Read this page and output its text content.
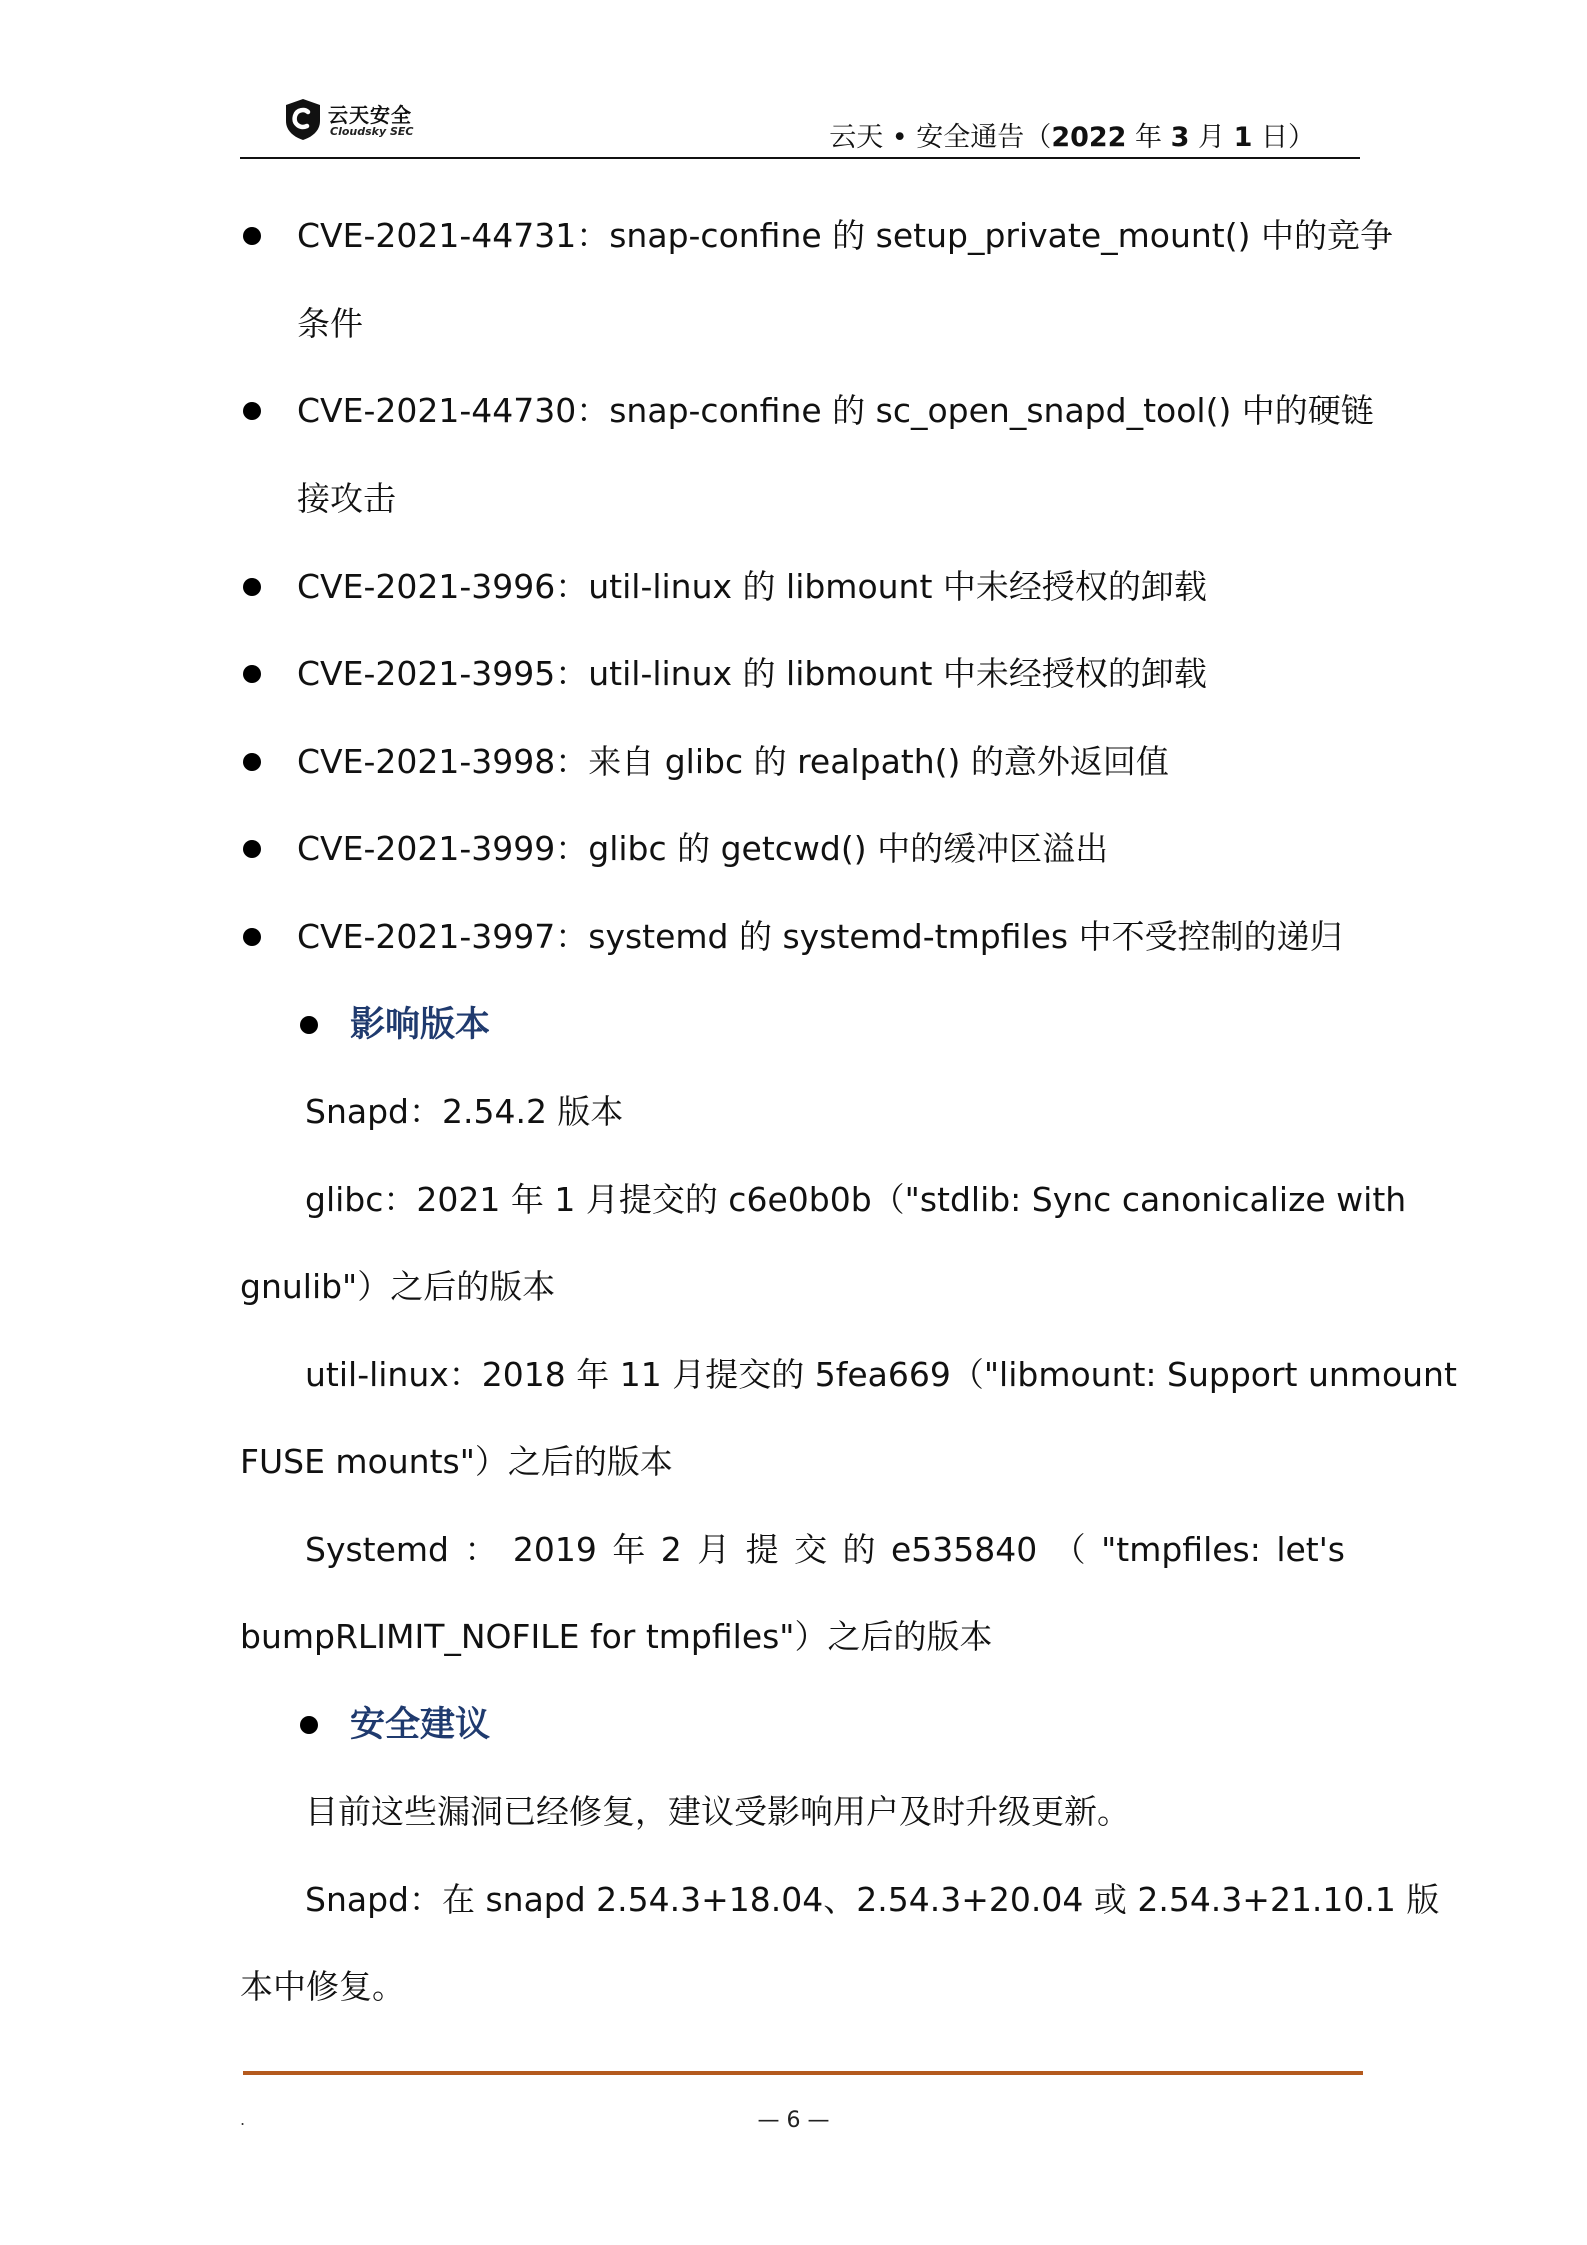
云天安全
Cloudsky SEC	云天 • 安全通告（2022 年 3 月 1 日）
CVE-2021-44731：snap-confine 的 setup_private_mount() 中的竞争
条件
CVE-2021-44730：snap-confine 的 sc_open_snapd_tool() 中的硬链
接攻击
CVE-2021-3996：util-linux 的 libmount 中未经授权的卸载
CVE-2021-3995：util-linux 的 libmount 中未经授权的卸载
CVE-2021-3998：来自 glibc 的 realpath() 的意外返回值
CVE-2021-3999：glibc 的 getcwd() 中的缓冲区溢出
CVE-2021-3997：systemd 的 systemd-tmpfiles 中不受控制的递归
影响版本
Snapd：2.54.2 版本
glibc：2021 年 1 月提交的 c6e0b0b（"stdlib: Sync canonicalize with
gnulib"）之后的版本
util-linux：2018 年 11 月提交的 5fea669（"libmount: Support unmount
FUSE mounts"）之后的版本
Systemd ： 2019 年 2 月 提 交 的 e535840 （ "tmpfiles: let's
bumpRLIMIT_NOFILE for tmpfiles"）之后的版本
安全建议
目前这些漏洞已经修复，建议受影响用户及时升级更新。
Snapd：在 snapd 2.54.3+18.04、2.54.3+20.04 或 2.54.3+21.10.1 版
本中修复。
.	— 6 —
